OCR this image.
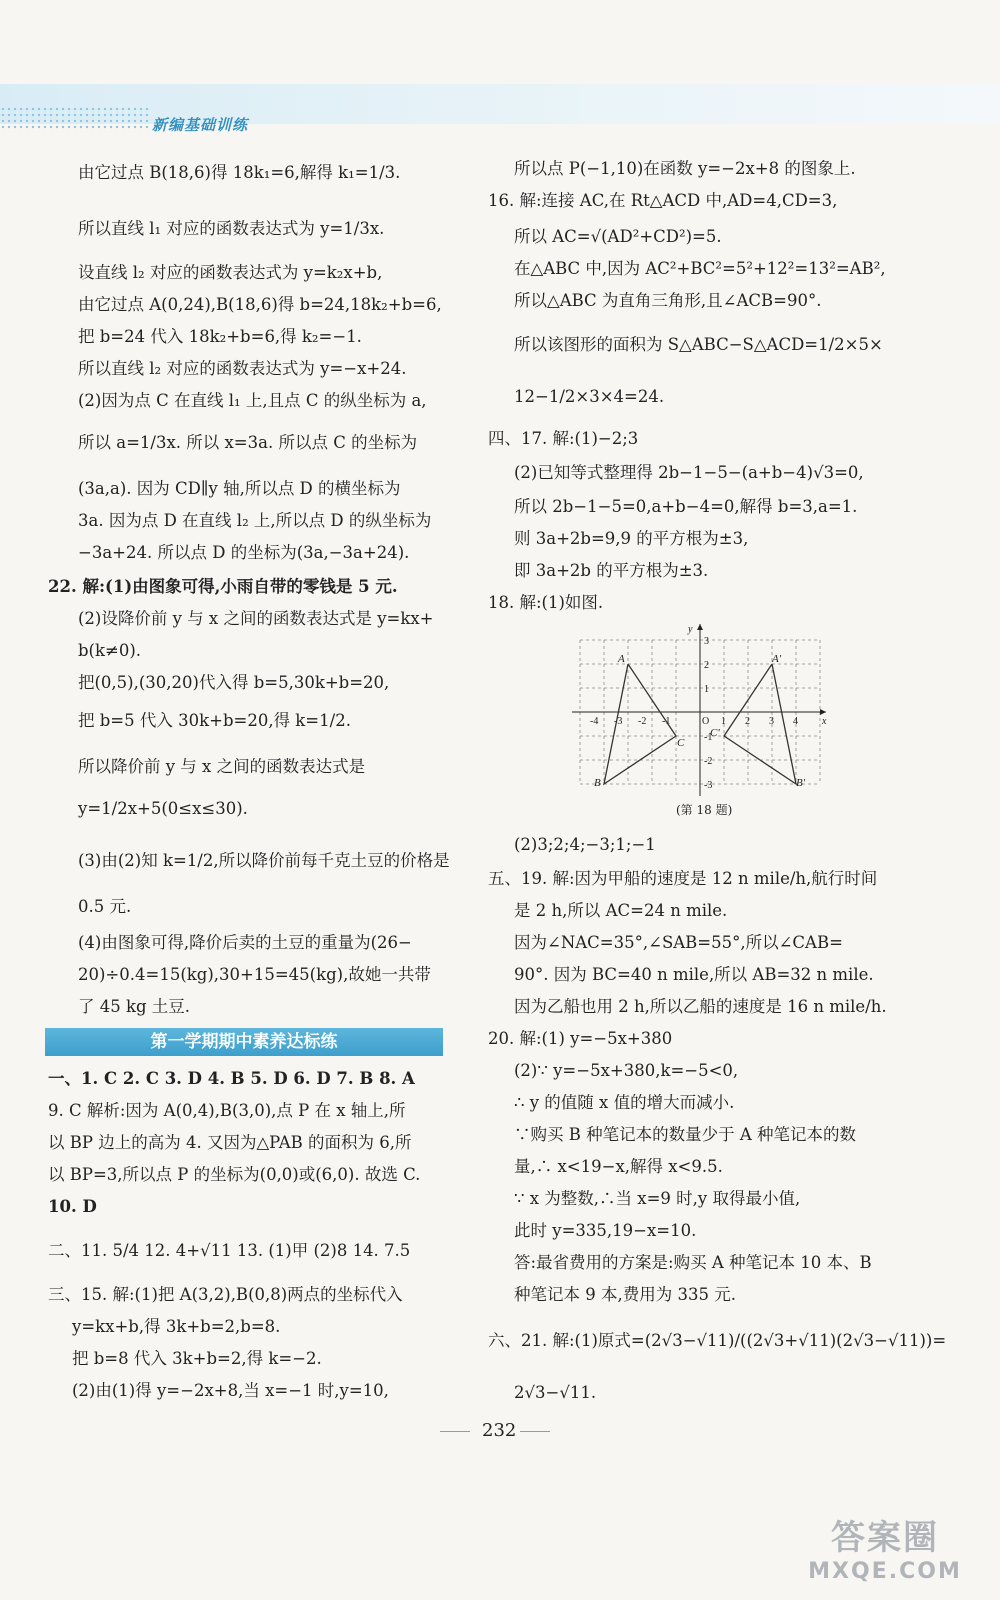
新编基础训练
由它过点 B(18,6)得 18k₁=6,解得 k₁=1/3.
所以直线 l₁ 对应的函数表达式为 y=1/3x.
设直线 l₂ 对应的函数表达式为 y=k₂x+b,
由它过点 A(0,24),B(18,6)得 b=24,18k₂+b=6,
把 b=24 代入 18k₂+b=6,得 k₂=−1.
所以直线 l₂ 对应的函数表达式为 y=−x+24.
(2)因为点 C 在直线 l₁ 上,且点 C 的纵坐标为 a,
所以 a=1/3x. 所以 x=3a. 所以点 C 的坐标为
(3a,a). 因为 CD∥y 轴,所以点 D 的横坐标为
3a. 因为点 D 在直线 l₂ 上,所以点 D 的纵坐标为
−3a+24. 所以点 D 的坐标为(3a,−3a+24).
22. 解:(1)由图象可得,小雨自带的零钱是 5 元.
(2)设降价前 y 与 x 之间的函数表达式是 y=kx+
b(k≠0).
把(0,5),(30,20)代入得 b=5,30k+b=20,
把 b=5 代入 30k+b=20,得 k=1/2.
所以降价前 y 与 x 之间的函数表达式是
y=1/2x+5(0≤x≤30).
(3)由(2)知 k=1/2,所以降价前每千克土豆的价格是
0.5 元.
(4)由图象可得,降价后卖的土豆的重量为(26−
20)÷0.4=15(kg),30+15=45(kg),故她一共带
了 45 kg 土豆.
第一学期期中素养达标练
一、1. C 2. C 3. D 4. B 5. D 6. D 7. B 8. A
9. C 解析:因为 A(0,4),B(3,0),点 P 在 x 轴上,所
以 BP 边上的高为 4. 又因为△PAB 的面积为 6,所
以 BP=3,所以点 P 的坐标为(0,0)或(6,0). 故选 C.
10. D
二、11. 5/4 12. 4+√11 13. (1)甲 (2)8 14. 7.5
三、15. 解:(1)把 A(3,2),B(0,8)两点的坐标代入
y=kx+b,得 3k+b=2,b=8.
把 b=8 代入 3k+b=2,得 k=−2.
(2)由(1)得 y=−2x+8,当 x=−1 时,y=10,
所以点 P(−1,10)在函数 y=−2x+8 的图象上.
16. 解:连接 AC,在 Rt△ACD 中,AD=4,CD=3,
所以 AC=√(AD²+CD²)=5.
在△ABC 中,因为 AC²+BC²=5²+12²=13²=AB²,
所以△ABC 为直角三角形,且∠ACB=90°.
所以该图形的面积为 S△ABC−S△ACD=1/2×5×
12−1/2×3×4=24.
四、17. 解:(1)−2;3
(2)已知等式整理得 2b−1−5−(a+b−4)√3=0,
所以 2b−1−5=0,a+b−4=0,解得 b=3,a=1.
则 3a+2b=9,9 的平方根为±3,
即 3a+2b 的平方根为±3.
18. 解:(1)如图.
-4 -3 -2 -1	1 2 3 4
3
2
1
-1
-2
-3
O	x
y
A
B
C
A'
B'
C'
(第 18 题)
(2)3;2;4;−3;1;−1
五、19. 解:因为甲船的速度是 12 n mile/h,航行时间
是 2 h,所以 AC=24 n mile.
因为∠NAC=35°,∠SAB=55°,所以∠CAB=
90°. 因为 BC=40 n mile,所以 AB=32 n mile.
因为乙船也用 2 h,所以乙船的速度是 16 n mile/h.
20. 解:(1) y=−5x+380
(2)∵ y=−5x+380,k=−5<0,
∴ y 的值随 x 值的增大而减小.
∵购买 B 种笔记本的数量少于 A 种笔记本的数
量,∴ x<19−x,解得 x<9.5.
∵ x 为整数,∴当 x=9 时,y 取得最小值,
此时 y=335,19−x=10.
答:最省费用的方案是:购买 A 种笔记本 10 本、B
种笔记本 9 本,费用为 335 元.
六、21. 解:(1)原式=(2√3−√11)/((2√3+√11)(2√3−√11))=
2√3−√11.
232
答案圈
MXQE.COM
